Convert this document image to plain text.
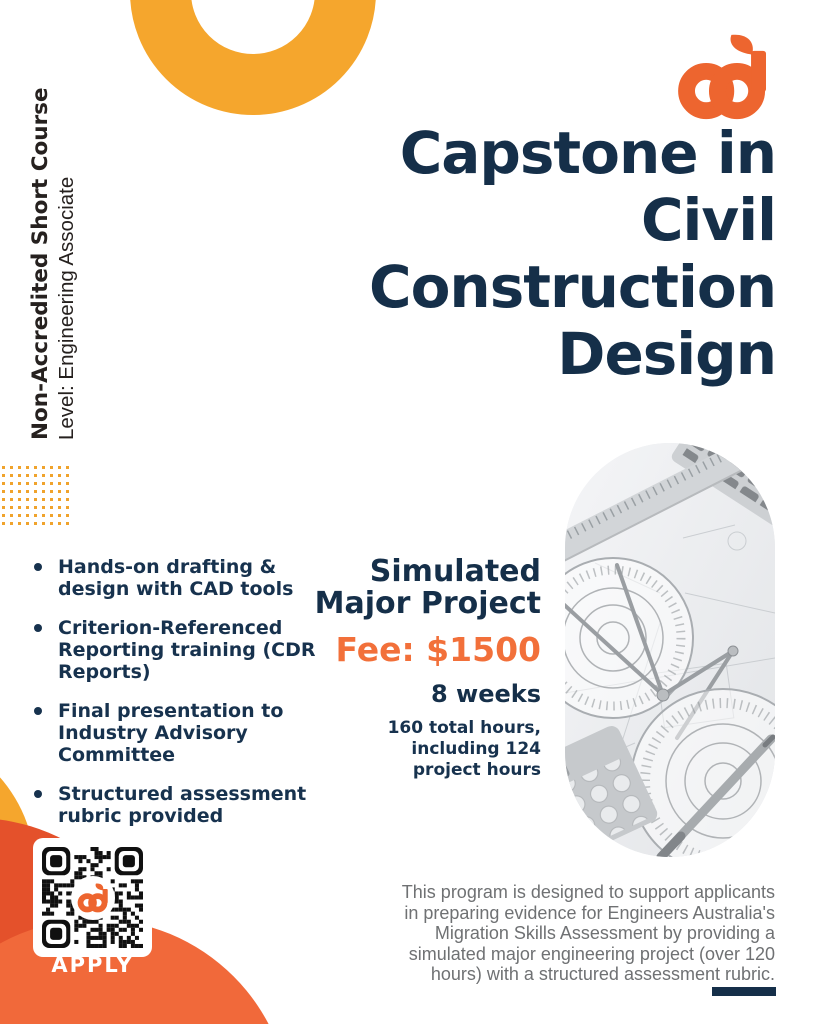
Non-Accredited Short Course Level: Engineering Associate
Capstone in
Civil
Construction
Design
Hands-on drafting & design with CAD tools
Criterion-Referenced Reporting training (CDR Reports)
Final presentation to Industry Advisory Committee
Structured assessment rubric provided
Simulated
Major Project
Fee: $1500
8 weeks
160 total hours,
including 124
project hours
APPLY
This program is designed to support applicants
in preparing evidence for Engineers Australia's
Migration Skills Assessment by providing a
simulated major engineering project (over 120
hours) with a structured assessment rubric.
